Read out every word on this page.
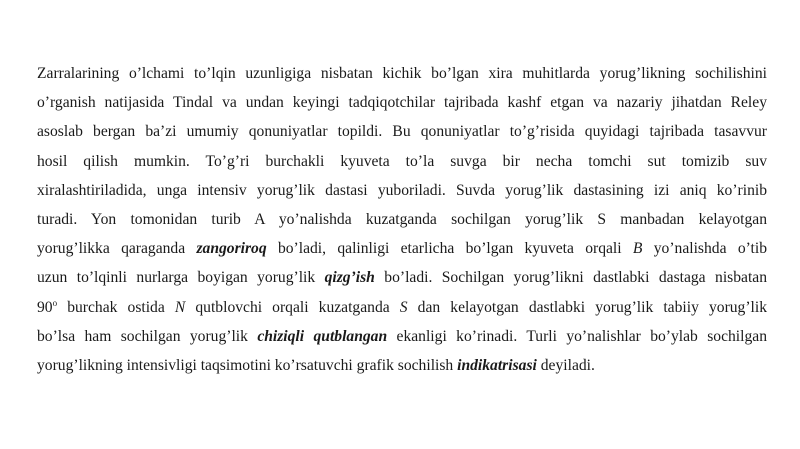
Zarralarining o’lchami to’lqin uzunligiga nisbatan kichik bo’lgan xira muhitlarda yorug’likning sochilishini
o’rganish natijasida Tindal va undan keyingi tadqiqotchilar tajribada kashf etgan va nazariy jihatdan Reley
asoslab bergan ba’zi umumiy qonuniyatlar topildi. Bu qonuniyatlar to’g’risida quyidagi tajribada tasavvur
hosil qilish mumkin. To’g’ri burchakli kyuveta to’la suvga bir necha tomchi sut tomizib suv
xiralashtiriladida, unga intensiv yorug’lik dastasi yuboriladi. Suvda yorug’lik dastasining izi aniq ko’rinib
turadi. Yon tomonidan turib A yo’nalishda kuzatganda sochilgan yorug’lik S manbadan kelayotgan
yorug’likka qaraganda zangoriroq bo’ladi, qalinligi etarlicha bo’lgan kyuveta orqali B yo’nalishda o’tib
uzun to’lqinli nurlarga boyigan yorug’lik qizg’ish bo’ladi. Sochilgan yorug’likni dastlabki dastaga nisbatan
90$^o$ burchak ostida N qutblovchi orqali kuzatganda S dan kelayotgan dastlabki yorug’lik tabiiy yorug’lik
bo’lsa ham sochilgan yorug’lik chiziqli qutblangan ekanligi ko’rinadi. Turli yo’nalishlar bo’ylab sochilgan
yorug’likning intensivligi taqsimotini ko’rsatuvchi grafik sochilish indikatrisasi deyiladi.
